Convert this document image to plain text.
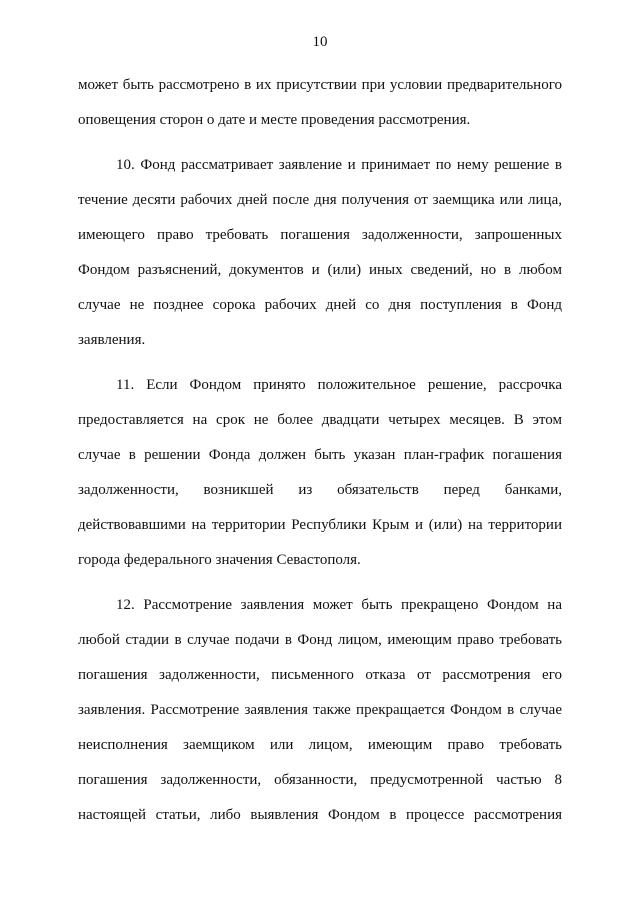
10
может быть рассмотрено в их присутствии при условии предварительного
оповещения сторон о дате и месте проведения рассмотрения.
10. Фонд рассматривает заявление и принимает по нему решение в
течение десяти рабочих дней после дня получения от заемщика или лица,
имеющего право требовать погашения задолженности, запрошенных
Фондом разъяснений, документов и (или) иных сведений, но в любом
случае не позднее сорока рабочих дней со дня поступления в Фонд
заявления.
11. Если Фондом принято положительное решение, рассрочка
предоставляется на срок не более двадцати четырех месяцев. В этом
случае в решении Фонда должен быть указан план-график погашения
задолженности, возникшей из обязательств перед банками,
действовавшими на территории Республики Крым и (или) на территории
города федерального значения Севастополя.
12. Рассмотрение заявления может быть прекращено Фондом на
любой стадии в случае подачи в Фонд лицом, имеющим право требовать
погашения задолженности, письменного отказа от рассмотрения его
заявления. Рассмотрение заявления также прекращается Фондом в случае
неисполнения заемщиком или лицом, имеющим право требовать
погашения задолженности, обязанности, предусмотренной частью 8
настоящей статьи, либо выявления Фондом в процессе рассмотрения
